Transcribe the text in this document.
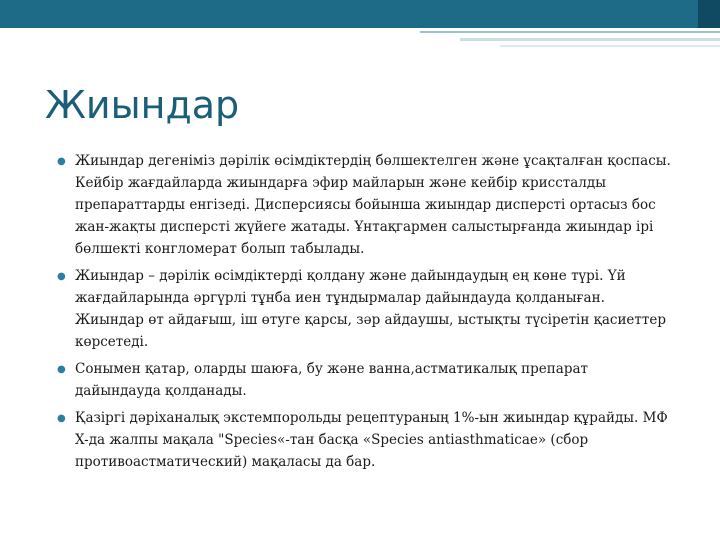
Жиындар
● Жиындар дегеніміз дәрілік өсімдіктердің бөлшектелген және ұсақталған қоспасы. Кейбір жағдайларда жиындарға эфир майларын және кейбір криссталды препараттарды енгізеді. Дисперсиясы бойынша жиындар дисперсті ортасыз бос жан-жақты дисперсті жүйеге жатады. Ұнтақгармен салыстырғанда жиындар ірі бөлшекті конгломерат болып табылады.
● Жиындар – дәрілік өсімдіктерді қолдану және дайындаудың ең көне түрі. Үй жағдайларында әргүрлі тұнба иен тұндырмалар дайындауда қолданыған. Жиындар өт айдағыш, іш өтуге қарсы, зәр айдаушы, ыстықты түсіретін қасиеттер көрсетеді.
● Сонымен қатар, оларды шаюға, бу және ванна,астматикалық препарат дайындауда қолданады.
● Қазіргі дәріханалық экстемпорольды рецептураның 1%-ын жиындар құрайды. МФ X-да жалпы мақала "Species«-тан басқа «Species antiasthmaticae» (сбор противоастматический) мақаласы да бар.
